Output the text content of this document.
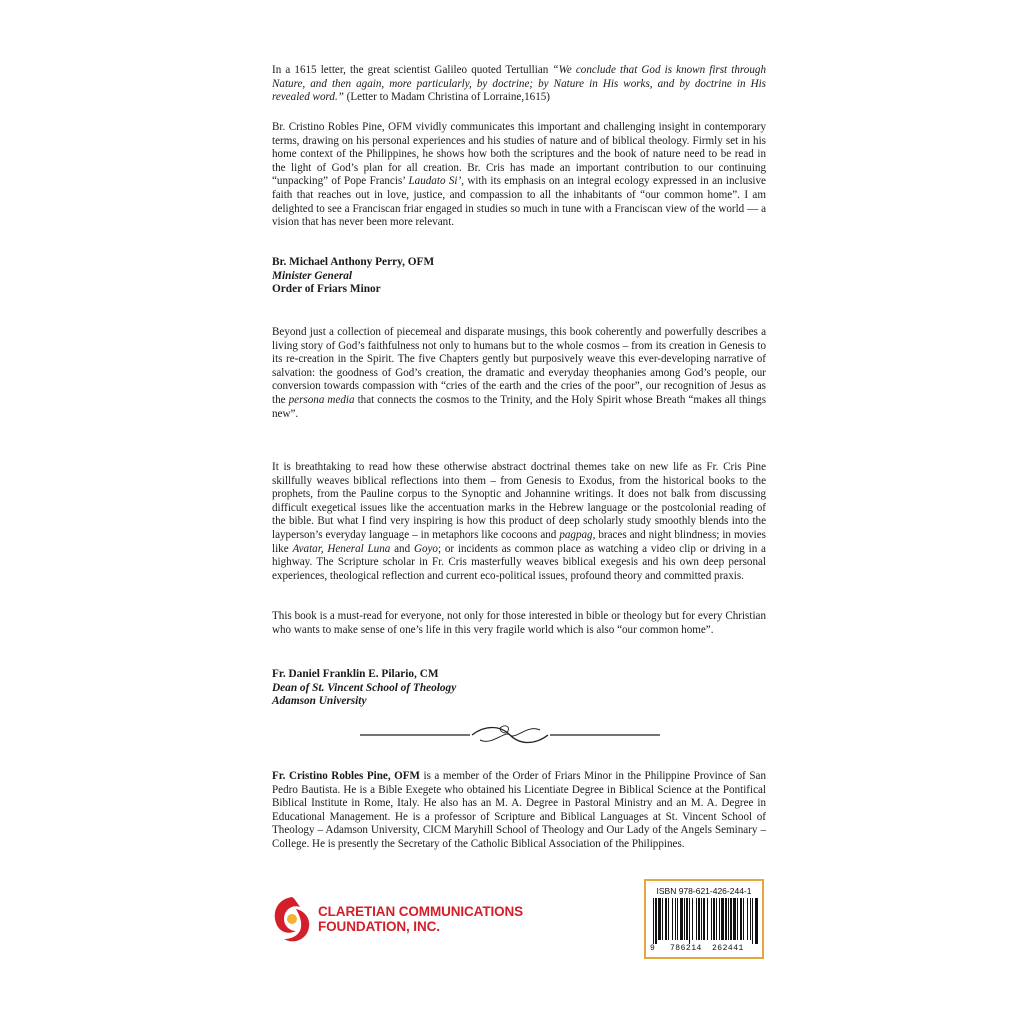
In a 1615 letter, the great scientist Galileo quoted Tertullian “We conclude that God is known first through Nature, and then again, more particularly, by doctrine; by Nature in His works, and by doctrine in His revealed word.” (Letter to Madam Christina of Lorraine,1615)

Br. Cristino Robles Pine, OFM vividly communicates this important and challenging insight in contemporary terms, drawing on his personal experiences and his studies of nature and of biblical theology. Firmly set in his home context of the Philippines, he shows how both the scriptures and the book of nature need to be read in the light of God’s plan for all creation. Br. Cris has made an important contribution to our continuing “unpacking” of Pope Francis’ Laudato Si’, with its emphasis on an integral ecology expressed in an inclusive faith that reaches out in love, justice, and compassion to all the inhabitants of “our common home”. I am delighted to see a Franciscan friar engaged in studies so much in tune with a Franciscan view of the world — a vision that has never been more relevant.

Br. Michael Anthony Perry, OFM
Minister General
Order of Friars Minor

Beyond just a collection of piecemeal and disparate musings, this book coherently and powerfully describes a living story of God’s faithfulness not only to humans but to the whole cosmos – from its creation in Genesis to its re-creation in the Spirit. The five Chapters gently but purposively weave this ever-developing narrative of salvation: the goodness of God’s creation, the dramatic and everyday theophanies among God’s people, our conversion towards compassion with “cries of the earth and the cries of the poor”, our recognition of Jesus as the persona media that connects the cosmos to the Trinity, and the Holy Spirit whose Breath “makes all things new”.

It is breathtaking to read how these otherwise abstract doctrinal themes take on new life as Fr. Cris Pine skillfully weaves biblical reflections into them – from Genesis to Exodus, from the historical books to the prophets, from the Pauline corpus to the Synoptic and Johannine writings. It does not balk from discussing difficult exegetical issues like the accentuation marks in the Hebrew language or the postcolonial reading of the bible. But what I find very inspiring is how this product of deep scholarly study smoothly blends into the layperson’s everyday language – in metaphors like cocoons and pagpag, braces and night blindness; in movies like Avatar, Heneral Luna and Goyo; or incidents as common place as watching a video clip or driving in a highway. The Scripture scholar in Fr. Cris masterfully weaves biblical exegesis and his own deep personal experiences, theological reflection and current eco-political issues, profound theory and committed praxis.

This book is a must-read for everyone, not only for those interested in bible or theology but for every Christian who wants to make sense of one’s life in this very fragile world which is also “our common home”.

Fr. Daniel Franklin E. Pilario, CM
Dean of St. Vincent School of Theology
Adamson University

Fr. Cristino Robles Pine, OFM is a member of the Order of Friars Minor in the Philippine Province of San Pedro Bautista. He is a Bible Exegete who obtained his Licentiate Degree in Biblical Science at the Pontifical Biblical Institute in Rome, Italy. He also has an M. A. Degree in Pastoral Ministry and an M. A. Degree in Educational Management. He is a professor of Scripture and Biblical Languages at St. Vincent School of Theology – Adamson University, CICM Maryhill School of Theology and Our Lady of the Angels Seminary – College. He is presently the Secretary of the Catholic Biblical Association of the Philippines.

CLARETIAN COMMUNICATIONS
FOUNDATION, INC.
ISBN 978-621-426-244-1
9 786214 262441
